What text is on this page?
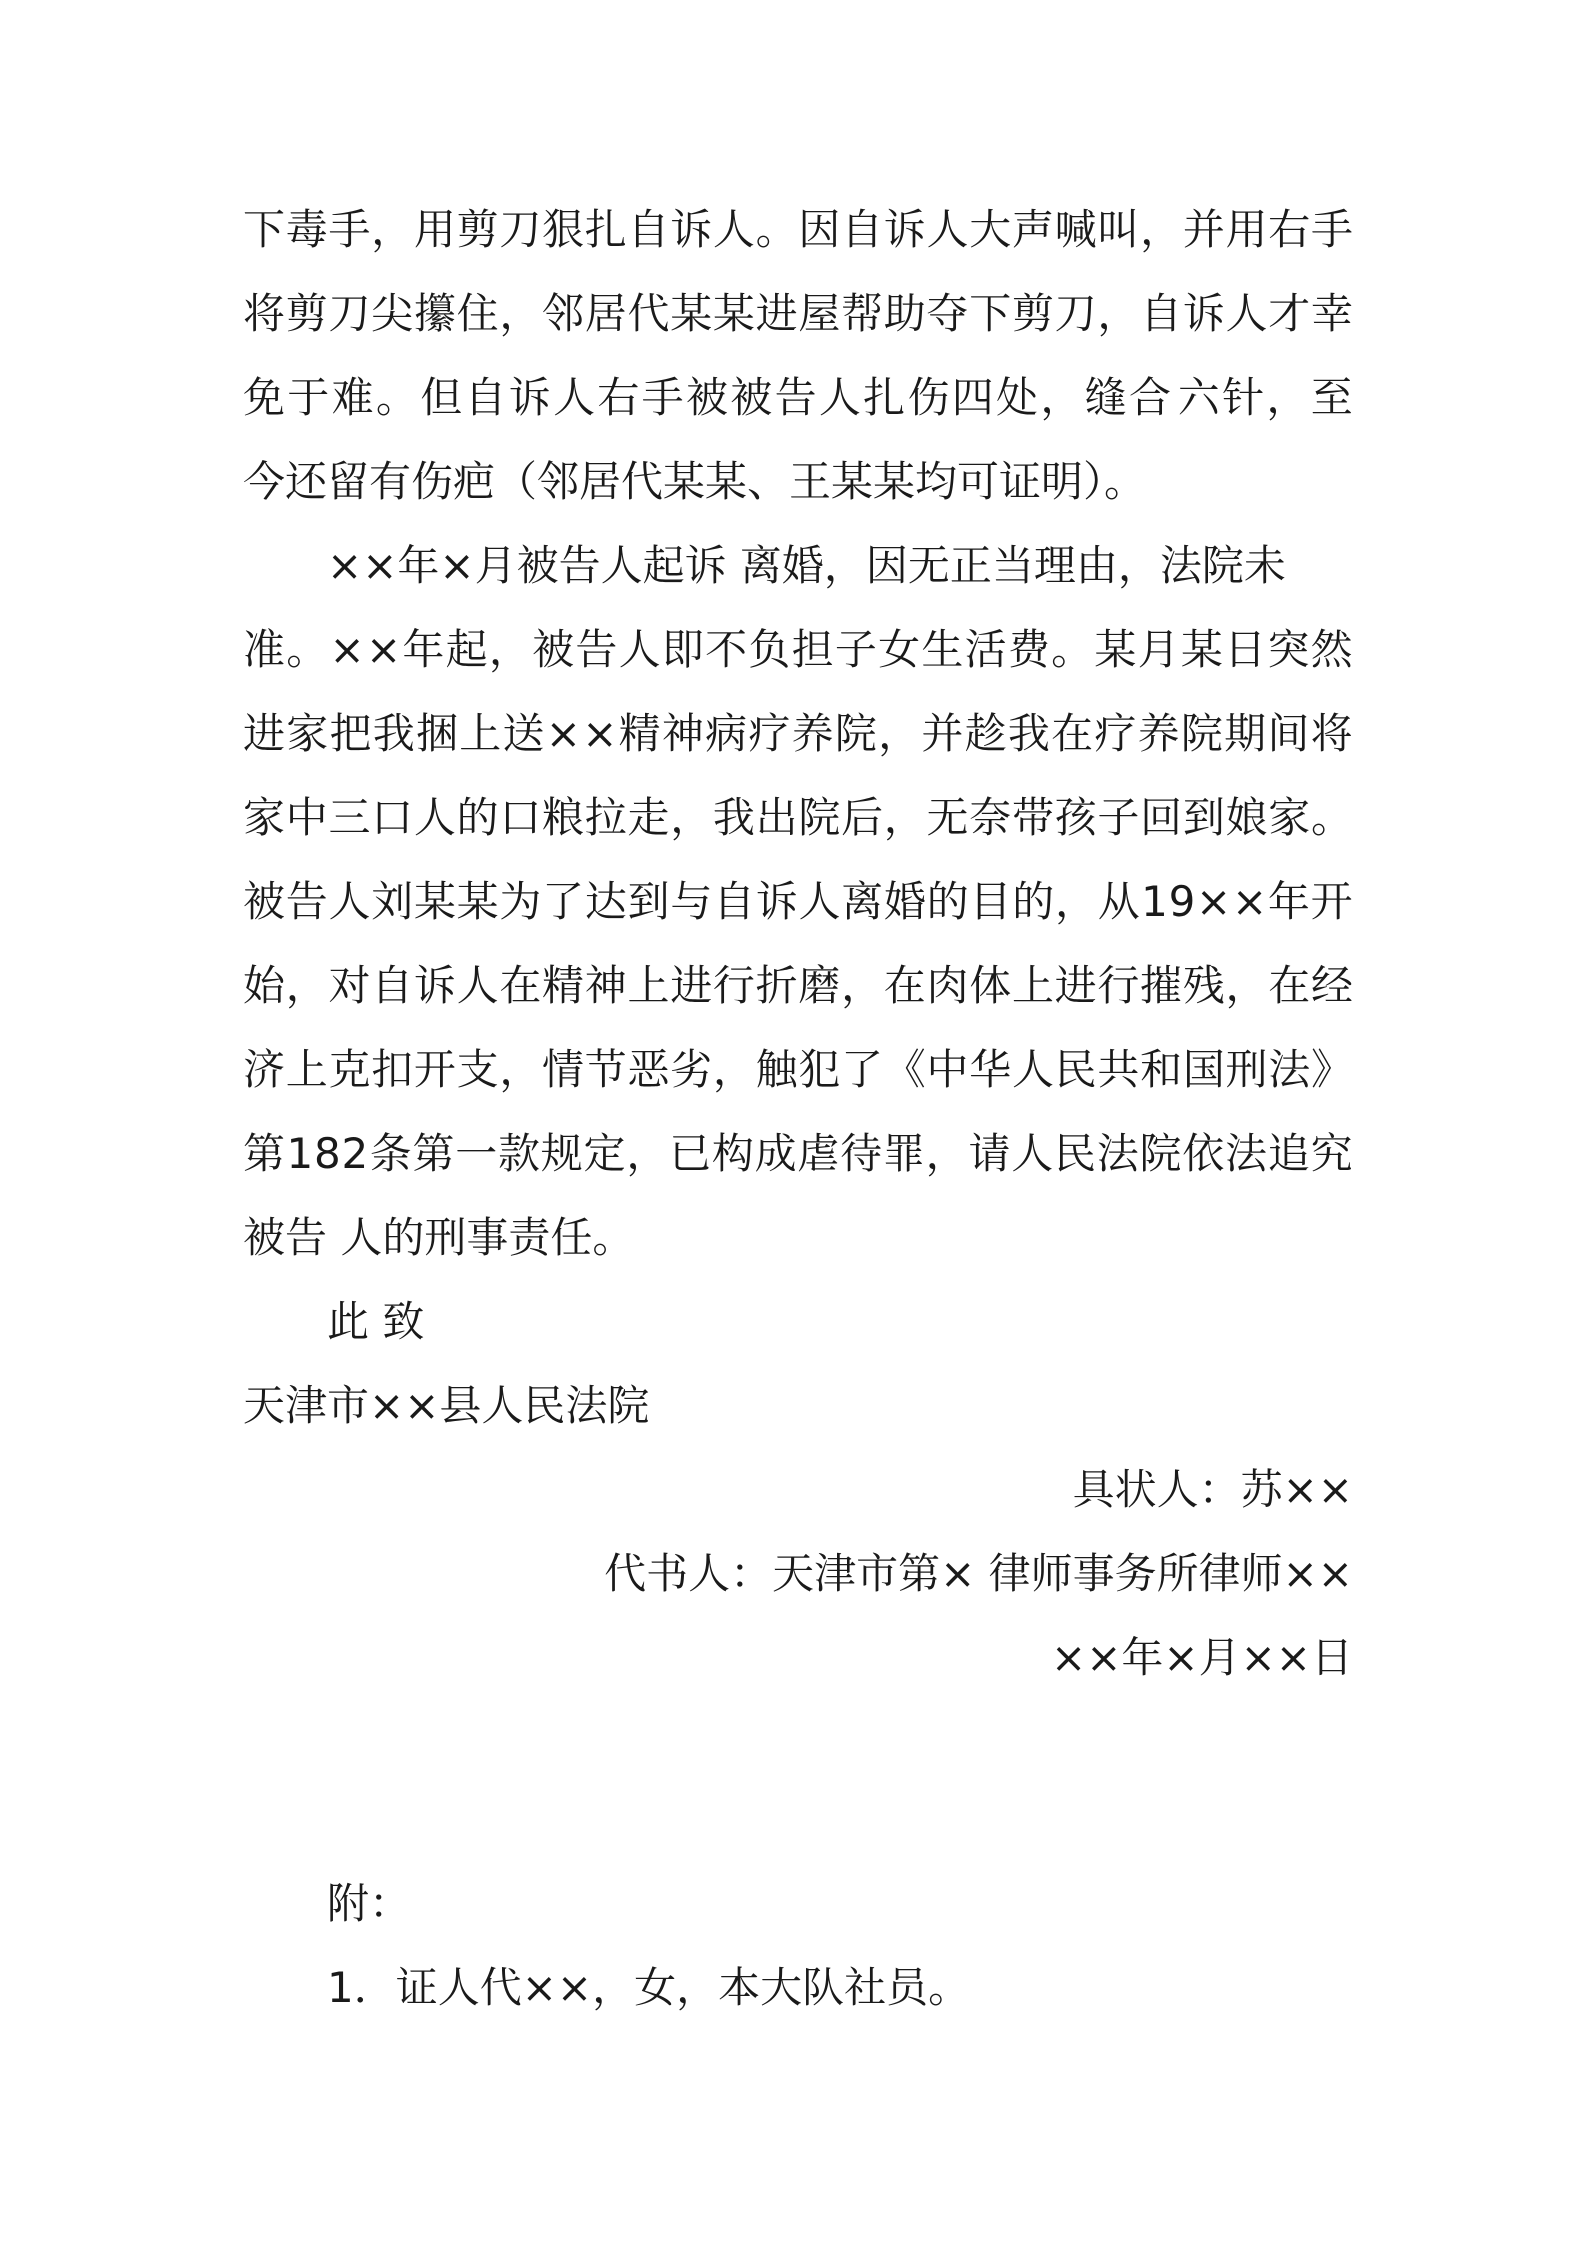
下 毒 手 ， 用 剪 刀 狠 扎 自 诉 人 。 因 自 诉 人 大 声 喊 叫 ， 并 用 右 手
将 剪 刀 尖 攥 住 ， 邻 居 代 某 某 进 屋 帮 助 夺 下 剪 刀 ， 自 诉 人 才 幸
免 于 难 。 但 自 诉 人 右 手 被 被 告 人 扎 伤 四 处 ， 缝 合 六 针 ， 至
今还留有伤疤（邻居代某某、王某某均可证明）。
××年×月被告人起诉 离婚，因无正当理由，法院未
准 。 × × 年 起 ， 被 告 人 即 不 负 担 子 女 生 活 费 。 某 月 某 日 突 然
进 家 把 我 捆 上 送 × × 精 神 病 疗 养 院 ， 并 趁 我 在 疗 养 院 期 间 将
家 中 三 口 人 的 口 粮 拉 走 ， 我 出 院 后 ， 无 奈 带 孩 子 回 到 娘 家 。
被 告 人 刘 某 某 为 了 达 到 与 自 诉 人 离 婚 的 目 的 ， 从 1 9 × × 年 开
始 ， 对 自 诉 人 在 精 神 上 进 行 折 磨 ， 在 肉 体 上 进 行 摧 残 ， 在 经
济 上 克 扣 开 支 ， 情 节 恶 劣 ， 触 犯 了 《 中 华 人 民 共 和 国 刑 法 》
第 1 8 2 条 第 一 款 规 定 ， 已 构 成 虐 待 罪 ， 请 人 民 法 院 依 法 追 究
被告 人的刑事责任。
此 致
天津市××县人民法院
具状人：苏××
代书人：天津市第× 律师事务所律师××
××年×月××日
附：
1．证人代××，女，本大队社员。
